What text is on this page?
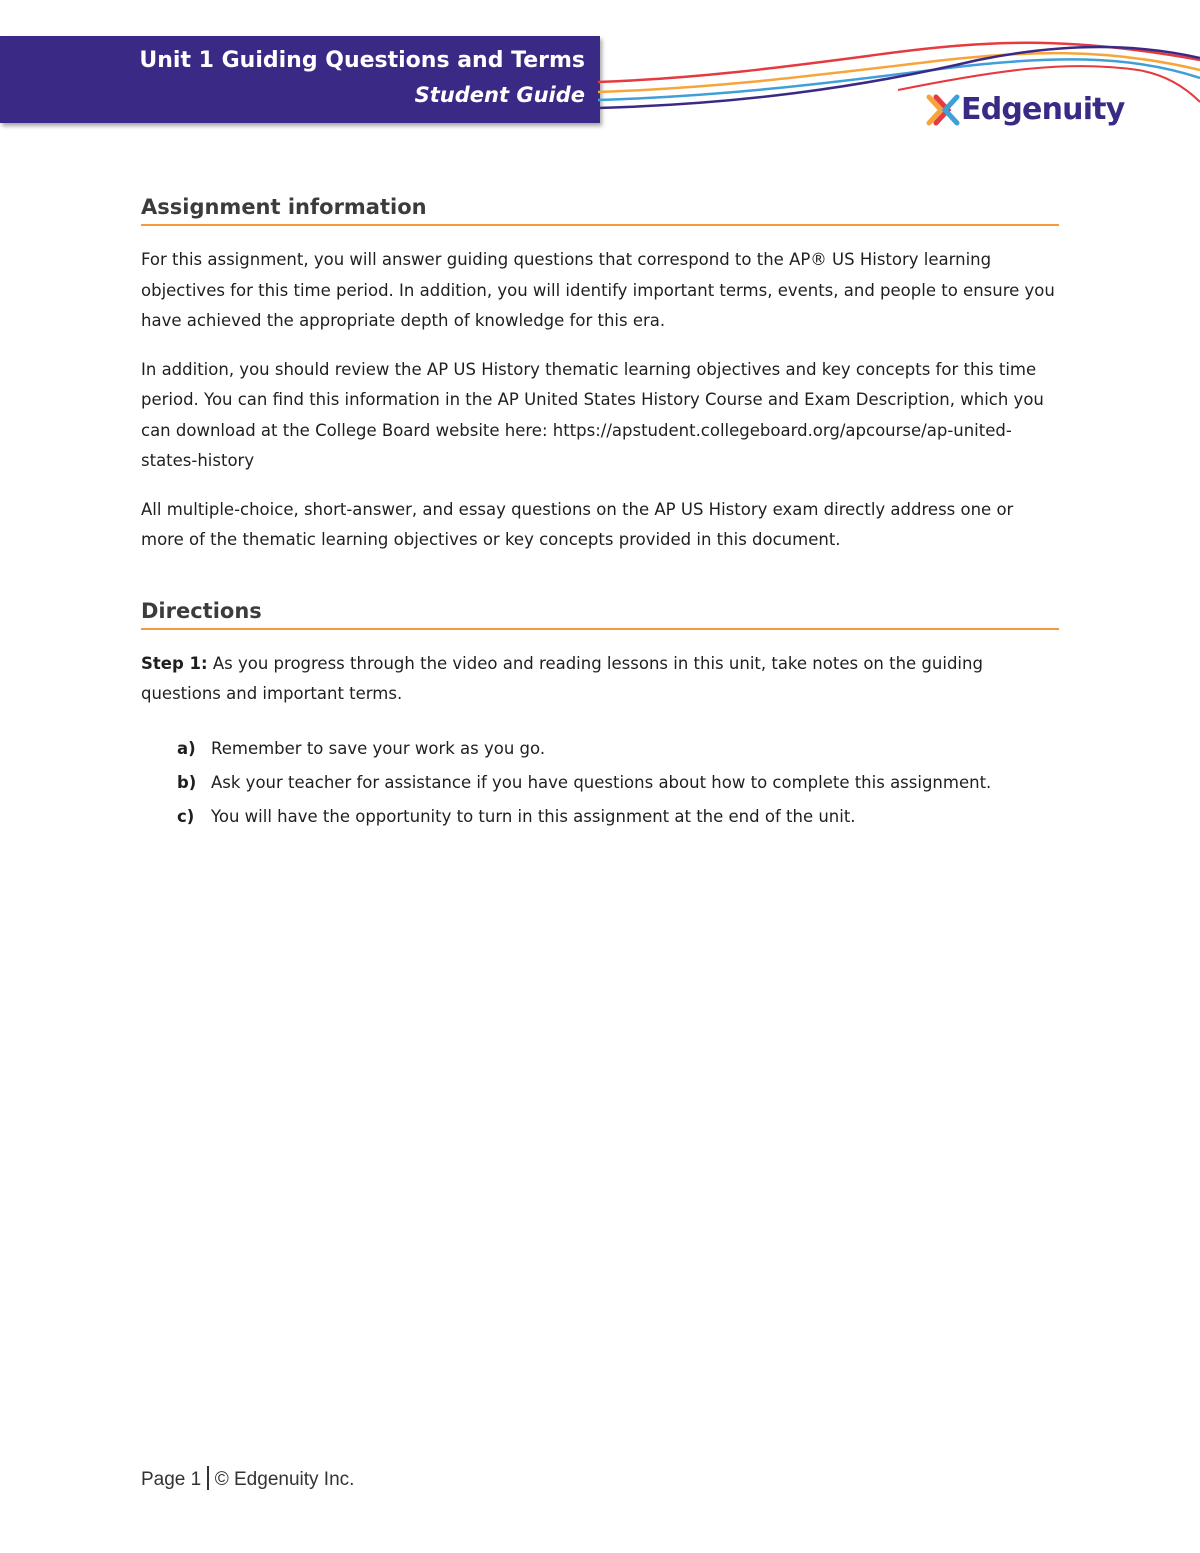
Unit 1 Guiding Questions and Terms
Student Guide	Edgenuity
Assignment information

For this assignment, you will answer guiding questions that correspond to the AP® US History learning objectives for this time period. In addition, you will identify important terms, events, and people to ensure you have achieved the appropriate depth of knowledge for this era.

In addition, you should review the AP US History thematic learning objectives and key concepts for this time period. You can find this information in the AP United States History Course and Exam Description, which you can download at the College Board website here: https://apstudent.collegeboard.org/apcourse/ap-united-states-history

All multiple-choice, short-answer, and essay questions on the AP US History exam directly address one or more of the thematic learning objectives or key concepts provided in this document.

Directions

Step 1: As you progress through the video and reading lessons in this unit, take notes on the guiding questions and important terms.

a) Remember to save your work as you go.
b) Ask your teacher for assistance if you have questions about how to complete this assignment.
c)	You will have the opportunity to turn in this assignment at the end of the unit.
Page 1 © Edgenuity Inc.
